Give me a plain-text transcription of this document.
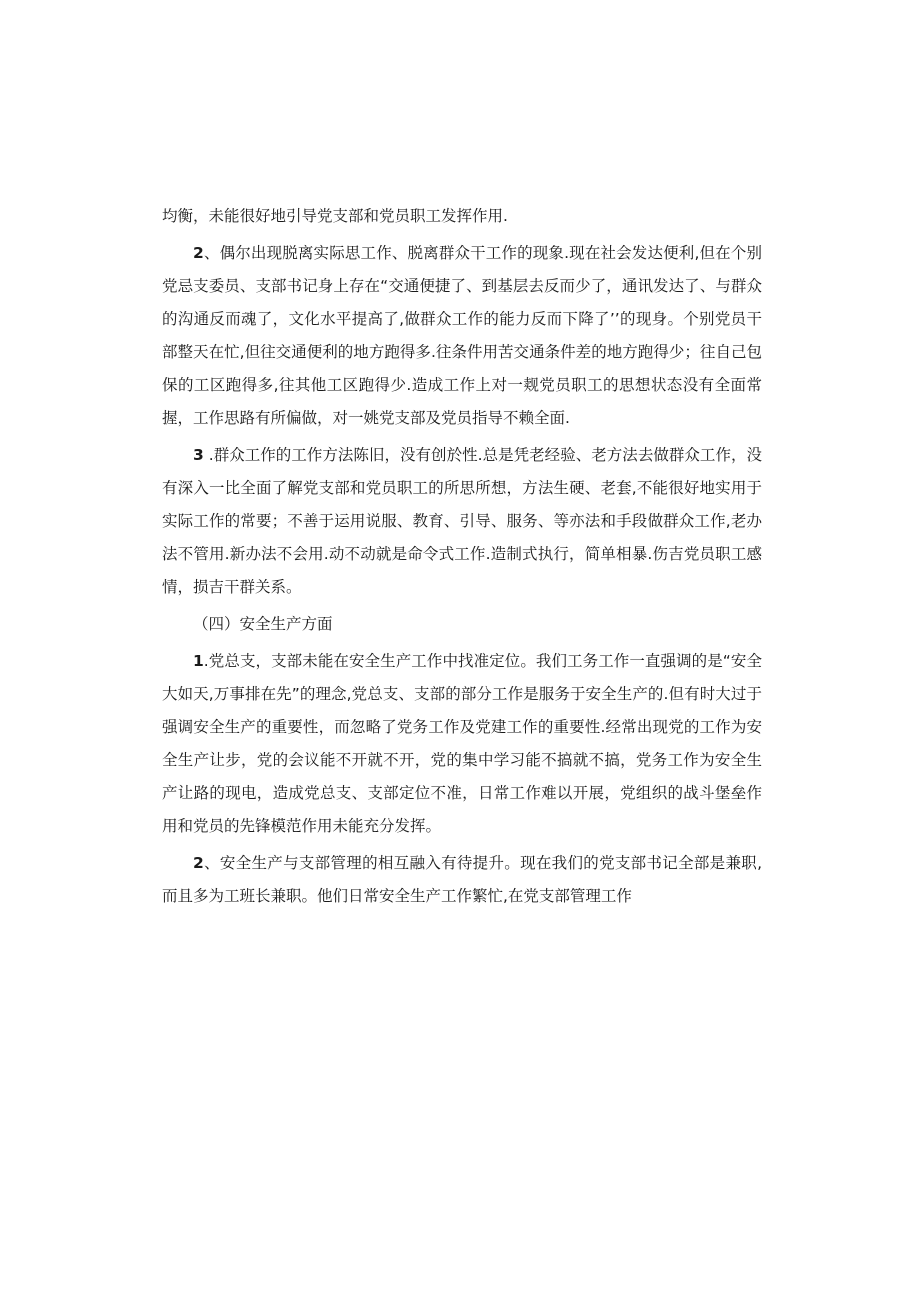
均衡，未能很好地引导党支部和党员职工发挥作用.

2、偶尔出现脱离实际思工作、脱离群众干工作的现象.现在社会发达便利,但在个别党忌支委员、支部书记身上存在“交通便捷了、到基层去反而少了，通讯发达了、与群众的沟通反而魂了，文化水平提高了,做群众工作的能力反而下降了’’的现身。个别党员干部整天在忙,但往交通便利的地方跑得多.往条件用苦交通条件差的地方跑得少；往自己包保的工区跑得多,往其他工区跑得少.造成工作上对一觌党员职工的思想状态没有全面常握，工作思路有所偏做，对一姚党支部及党员指导不赖全面.

3 .群众工作的工作方法陈旧，没有创於性.总是凭老经验、老方法去做群众工作，没有深入一比全面了解党支部和党员职工的所思所想，方法生硬、老套,不能很好地实用于实际工作的常要；不善于运用说服、教育、引导、服务、等亦法和手段做群众工作,老办法不管用.新办法不会用.动不动就是命令式工作.造制式执行，简单相暴.伤吉党员职工感情，损吉干群关系。

（四）安全生产方面

1.党总支，支部未能在安全生产工作中找准定位。我们工务工作一直强调的是“安全大如天,万事排在先”的理念,党总支、支部的部分工作是服务于安全生产的.但有时大过于强调安全生产的重要性，而忽略了党务工作及党建工作的重要性.经常出现党的工作为安全生产让步，党的会议能不开就不开，党的集中学习能不搞就不搞，党务工作为安全生产让路的现电，造成党总支、支部定位不准，日常工作难以开展，党组织的战斗堡垒作用和党员的先锋模范作用未能充分发挥。

2、安全生产与支部管理的相互融入有待提升。现在我们的党支部书记全部是兼职,而且多为工班长兼职。他们日常安全生产工作繁忙,在党支部管理工作
